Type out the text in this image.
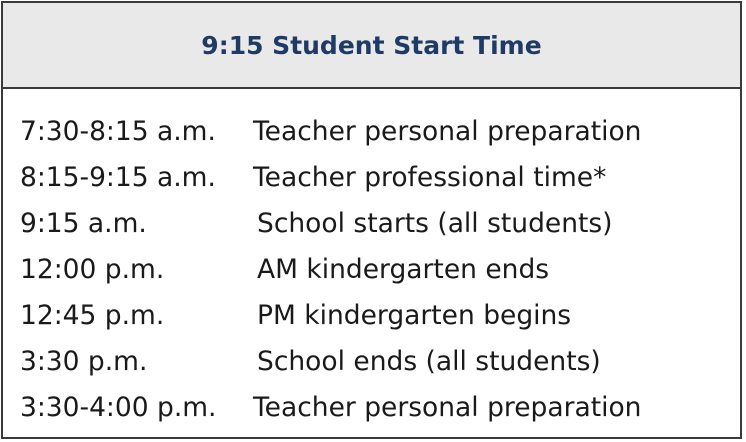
9:15 Student Start Time
7:30-8:15 a.m.	Teacher personal preparation
8:15-9:15 a.m.	Teacher professional time*
9:15 a.m.	School starts (all students)
12:00 p.m.	AM kindergarten ends
12:45 p.m.	PM kindergarten begins
3:30 p.m.	School ends (all students)
3:30-4:00 p.m.	Teacher personal preparation
